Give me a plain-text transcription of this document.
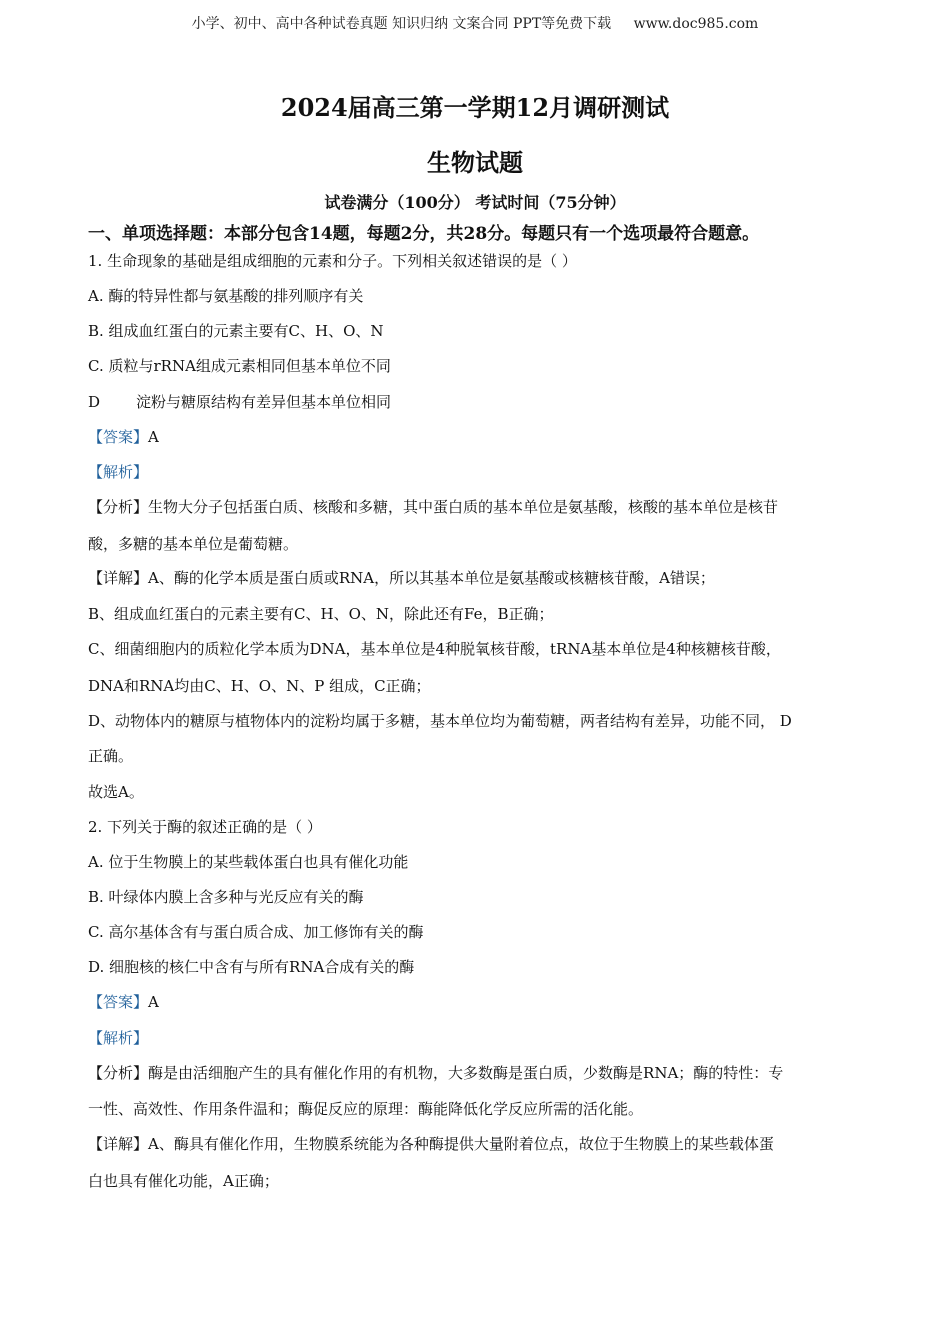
小学、初中、高中各种试卷真题 知识归纳 文案合同 PPT等免费下载 www.doc985.com
2024届高三第一学期12月调研测试
生物试题
试卷满分（100分） 考试时间（75分钟）
一、单项选择题：本部分包含14题，每题2分，共28分。每题只有一个选项最符合题意。
1. 生命现象的基础是组成细胞的元素和分子。下列相关叙述错误的是（ ）
A. 酶的特异性都与氨基酸的排列顺序有关
B. 组成血红蛋白的元素主要有C、H、O、N
C. 质粒与rRNA组成元素相同但基本单位不同
D 淀粉与糖原结构有差异但基本单位相同
【答案】A
【解析】
【分析】生物大分子包括蛋白质、核酸和多糖，其中蛋白质的基本单位是氨基酸，核酸的基本单位是核苷
酸，多糖的基本单位是葡萄糖。
【详解】A、酶的化学本质是蛋白质或RNA，所以其基本单位是氨基酸或核糖核苷酸，A错误；
B、组成血红蛋白的元素主要有C、H、O、N，除此还有Fe，B正确；
C、细菌细胞内的质粒化学本质为DNA，基本单位是4种脱氧核苷酸，tRNA基本单位是4种核糖核苷酸，
DNA和RNA均由C、H、O、N、P 组成，C正确；
D、动物体内的糖原与植物体内的淀粉均属于多糖，基本单位均为葡萄糖，两者结构有差异，功能不同， D
正确。
故选A。
2. 下列关于酶的叙述正确的是（ ）
A. 位于生物膜上的某些载体蛋白也具有催化功能
B. 叶绿体内膜上含多种与光反应有关的酶
C. 高尔基体含有与蛋白质合成、加工修饰有关的酶
D. 细胞核的核仁中含有与所有RNA合成有关的酶
【答案】A
【解析】
【分析】酶是由活细胞产生的具有催化作用的有机物，大多数酶是蛋白质，少数酶是RNA；酶的特性：专
一性、高效性、作用条件温和；酶促反应的原理：酶能降低化学反应所需的活化能。
【详解】A、酶具有催化作用，生物膜系统能为各种酶提供大量附着位点，故位于生物膜上的某些载体蛋
白也具有催化功能，A正确；
